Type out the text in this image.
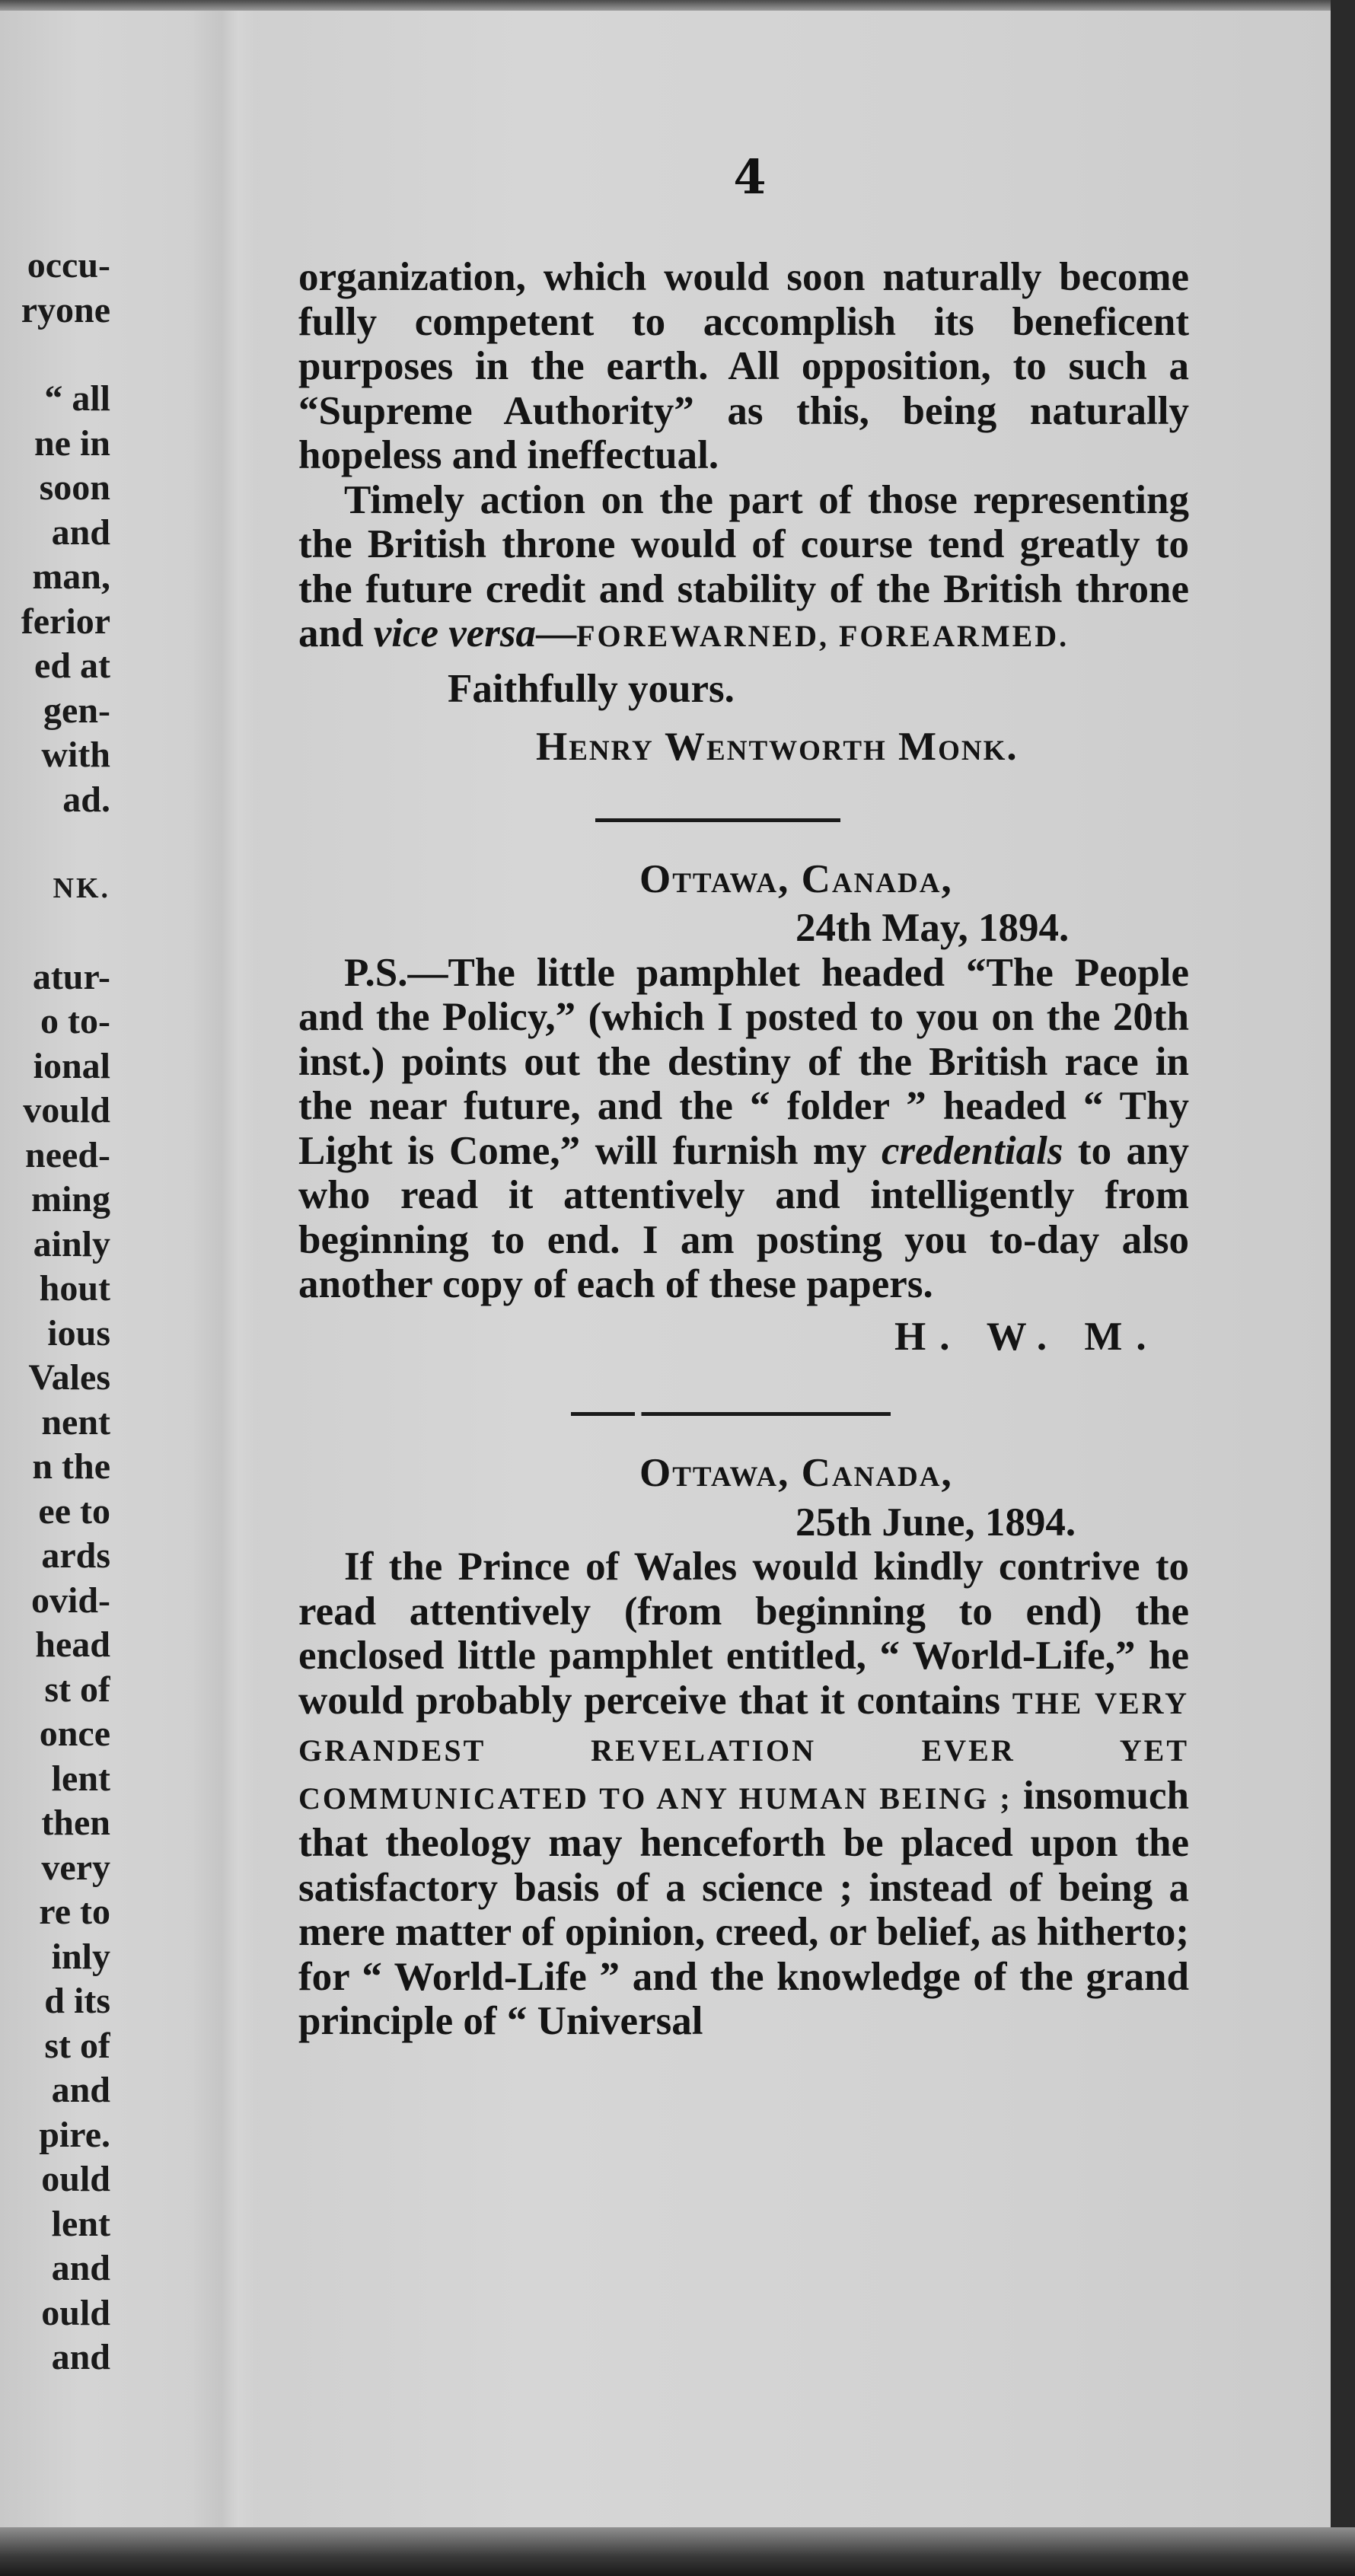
4
occu-
ryone

“ all
ne in
soon
and
man,
ferior
ed at
gen-
with
ad.

NK.

atur-
o to-
ional
vould
need-
ming
ainly
hout
ious
Vales
nent
n the
ee to
ards
ovid-
head
st of
once
lent
then
very
re to
inly
d its
st of
and
pire.
ould
lent
and
ould
and

organization, which would soon naturally become fully competent to accomplish its beneficent purposes in the earth. All opposition, to such a “Supreme Authority” as this, being naturally hopeless and ineffectual.

Timely action on the part of those representing the British throne would of course tend greatly to the future credit and stability of the British throne and vice versa—FOREWARNED, FOREARMED.

Faithfully yours.

Henry Wentworth Monk.

Ottawa, Canada,

24th May, 1894.

P.S.—The little pamphlet headed “The People and the Policy,” (which I posted to you on the 20th inst.) points out the destiny of the British race in the near future, and the “ folder ” headed “ Thy Light is Come,” will furnish my credentials to any who read it attentively and intelligently from beginning to end. I am posting you to-day also another copy of each of these papers.

H. W. M.

Ottawa, Canada,

25th June, 1894.

If the Prince of Wales would kindly contrive to read attentively (from beginning to end) the enclosed little pamphlet entitled, “ World-Life,” he would probably perceive that it contains THE VERY GRANDEST REVELATION EVER YET COMMUNICATED TO ANY HUMAN BEING ; insomuch that theology may henceforth be placed upon the satisfactory basis of a science ; instead of being a mere matter of opinion, creed, or belief, as hitherto; for “ World-Life ” and the knowledge of the grand principle of “ Universal
